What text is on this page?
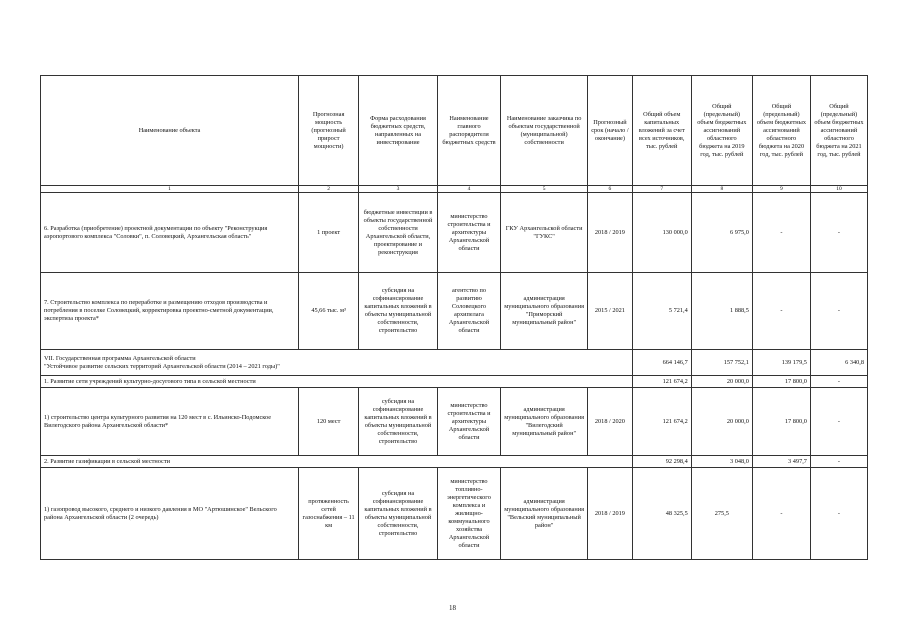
Наименование объекта	Прогнозная мощность (прогнозный прирост мощности)	Форма расходования бюджетных средств, направленных на инвестирование	Наименование главного распорядителя бюджетных средств	Наименование заказчика по объектам государственной (муниципальной) собственности	Прогнозный срок (начало / окончание)	Общий объем капитальных вложений за счет всех источников, тыс. рублей	Общий (предельный) объем бюджетных ассигнований областного бюджета на 2019 год, тыс. рублей	Общий (предельный) объем бюджетных ассигнований областного бюджета на 2020 год, тыс. рублей	Общий (предельный) объем бюджетных ассигнований областного бюджета на 2021 год, тыс. рублей
1	2	3	4	5	6	7	8	9	10
6. Разработка (приобретение) проектной документации по объекту "Реконструкция аэропортового комплекса "Соловки", п. Соловецкий, Архангельская область"	1 проект	бюджетные инвестиции в объекты государственной собственности Архангельской области, проектирование и реконструкция	министерство строительства и архитектуры Архангельской области	ГКУ Архангельской области "ГУКС"	2018 / 2019	130 000,0	6 975,0	-	-
7. Строительство комплекса по переработке и размещению отходов производства и потребления в поселке Соловецкий, корректировка проектно-сметной документации, экспертиза проекта*	45,66 тыс. м³	субсидия на софинансирование капитальных вложений в объекты муниципальной собственности, строительство	агентство по развитию Соловецкого архипелага Архангельской области	администрация муниципального образования "Приморский муниципальный район"	2015 / 2021	5 721,4	1 888,5	-	-
VII. Государственная программа Архангельской области
"Устойчивое развитие сельских территорий Архангельской области (2014 – 2021 годы)"						664 146,7	157 752,1	139 179,5	6 340,8
1. Развитие сети учреждений культурно-досугового типа в сельской местности						121 674,2	20 000,0	17 800,0	-
1) строительство центра культурного развития на 120 мест в с. Ильинско-Подомское Вилегодского района Архангельской области*	120 мест	субсидия на софинансирование капитальных вложений в объекты муниципальной собственности, строительство	министерство строительства и архитектуры Архангельской области	администрация муниципального образования "Вилегодский муниципальный район"	2018 / 2020	121 674,2	20 000,0	17 800,0	-
2. Развитие газификации в сельской местности						92 298,4	3 048,0	3 497,7	-
1) газопровод высокого, среднего и низкого давления в МО "Артюшинское" Вельского района Архангельской области (2 очередь)	протяженность сетей газоснабжения – 11 км	субсидия на софинансирование капитальных вложений в объекты муниципальной собственности, строительство	министерство топливно-энергетического комплекса и жилищно-коммунального хозяйства Архангельской области	администрация муниципального образования "Вельский муниципальный район"	2018 / 2019	48 325,5	275,5	-	-
18
